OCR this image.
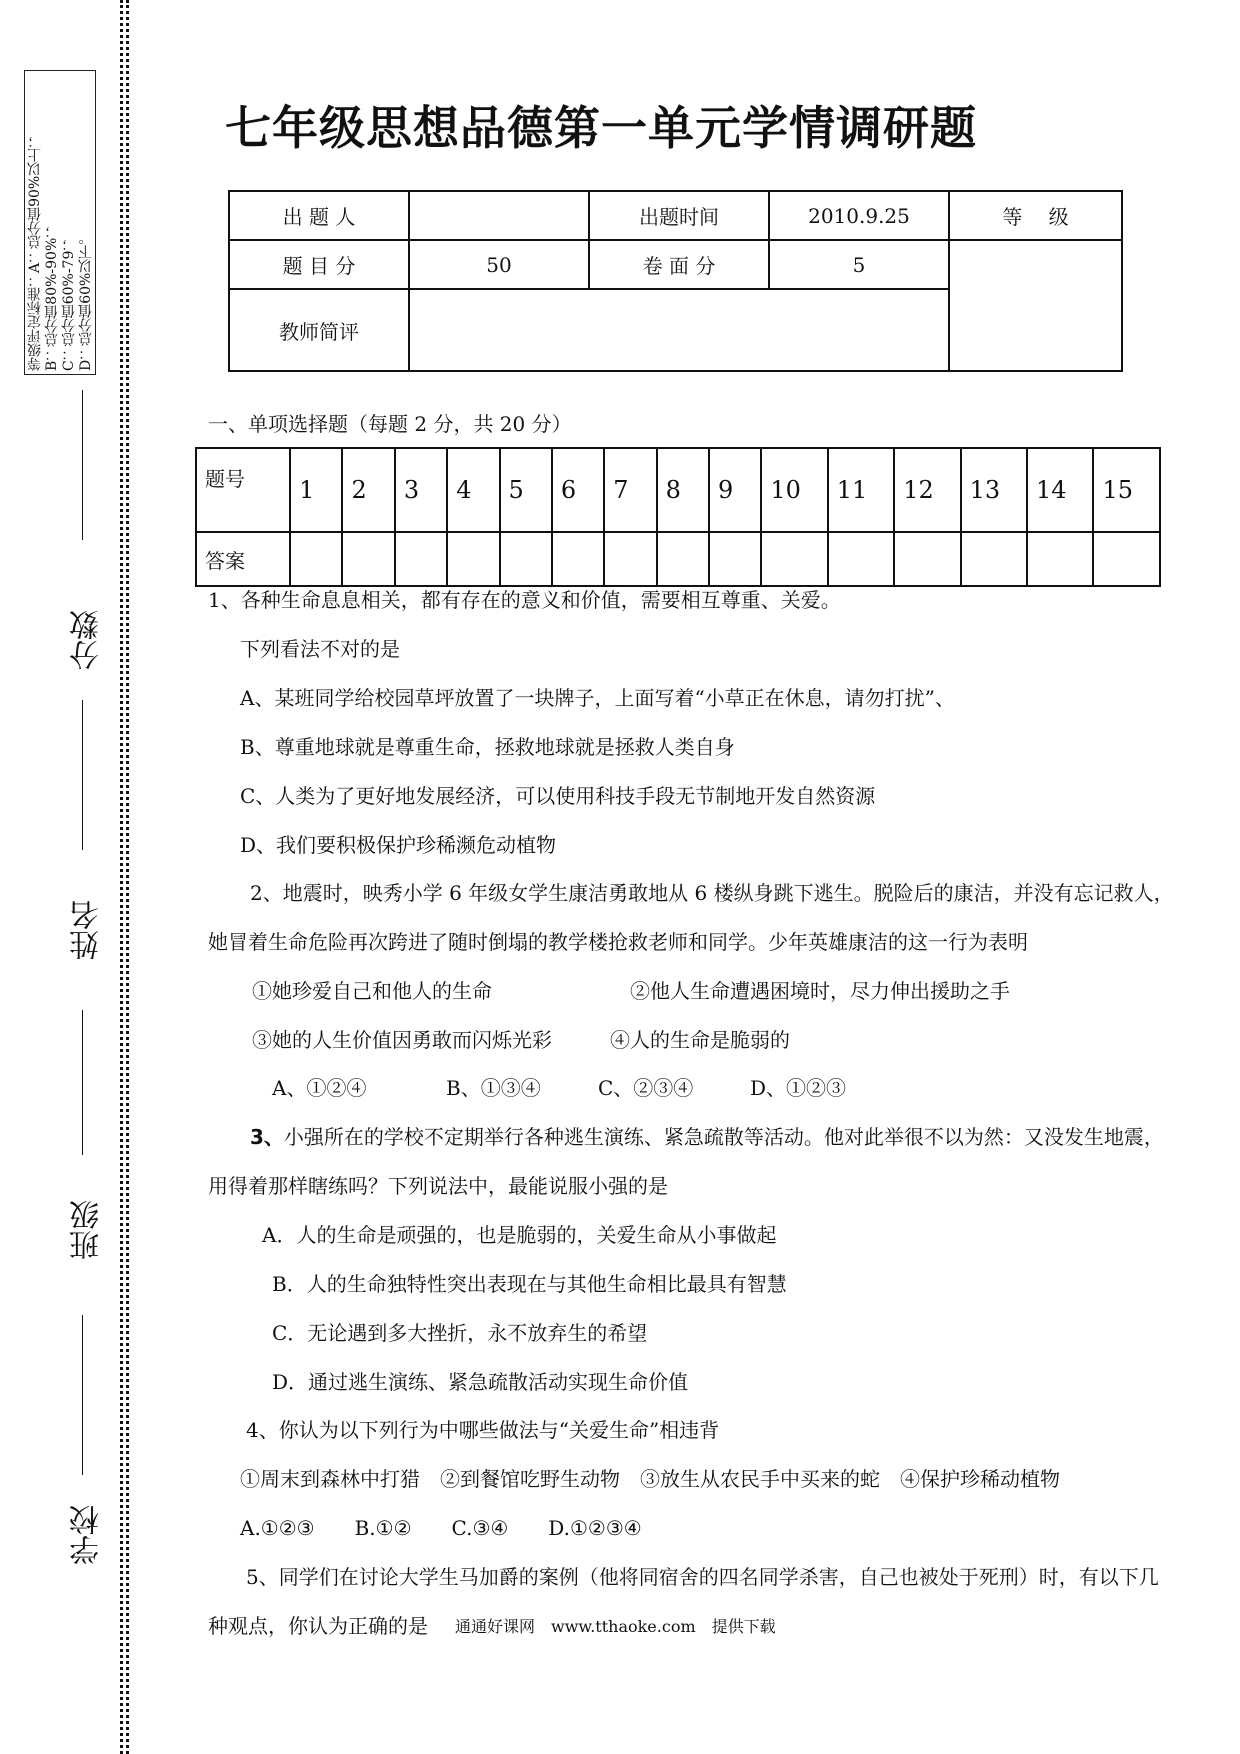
等级评定标准：A：总分值90%以上； B：总分值80%-90%； C：总分值60%-79； D：总分值60%以下。
分数
姓名
班级
学校
七年级思想品德第一单元学情调研题
出 题 人		出题时间	2010.9.25	等　 级
题 目 分	50	卷 面 分	5	
教师简评				
一、单项选择题（每题 2 分，共 20 分）
题号	1	2	3	4	5	6	7	8	9	10	11	12	13	14	15
答案															
1、各种生命息息相关，都有存在的意义和价值，需要相互尊重、关爱。
下列看法不对的是
A、某班同学给校园草坪放置了一块牌子，上面写着“小草正在休息，请勿打扰”、
B、尊重地球就是尊重生命，拯救地球就是拯救人类自身
C、人类为了更好地发展经济，可以使用科技手段无节制地开发自然资源
D、我们要积极保护珍稀濒危动植物
2、地震时，映秀小学 6 年级女学生康洁勇敢地从 6 楼纵身跳下逃生。脱险后的康洁，并没有忘记救人，
她冒着生命危险再次跨进了随时倒塌的教学楼抢救老师和同学。少年英雄康洁的这一行为表明
①她珍爱自己和他人的生命	②他人生命遭遇困境时，尽力伸出援助之手
③她的人生价值因勇敢而闪烁光彩	④人的生命是脆弱的
A、①②④	B、①③④	C、②③④	D、①②③
3、小强所在的学校不定期举行各种逃生演练、紧急疏散等活动。他对此举很不以为然：又没发生地震，
用得着那样瞎练吗？下列说法中，最能说服小强的是
A．人的生命是顽强的，也是脆弱的，关爱生命从小事做起
B．人的生命独特性突出表现在与其他生命相比最具有智慧
C．无论遇到多大挫折，永不放弃生的希望
D．通过逃生演练、紧急疏散活动实现生命价值
4、你认为以下列行为中哪些做法与“关爱生命”相违背
①周末到森林中打猎　②到餐馆吃野生动物　③放生从农民手中买来的蛇　④保护珍稀动植物
A.①②③　　B.①②　　C.③④　　D.①②③④
5、同学们在讨论大学生马加爵的案例（他将同宿舍的四名同学杀害，自己也被处于死刑）时，有以下几
种观点，你认为正确的是 通通好课网　www.tthaoke.com　提供下载
